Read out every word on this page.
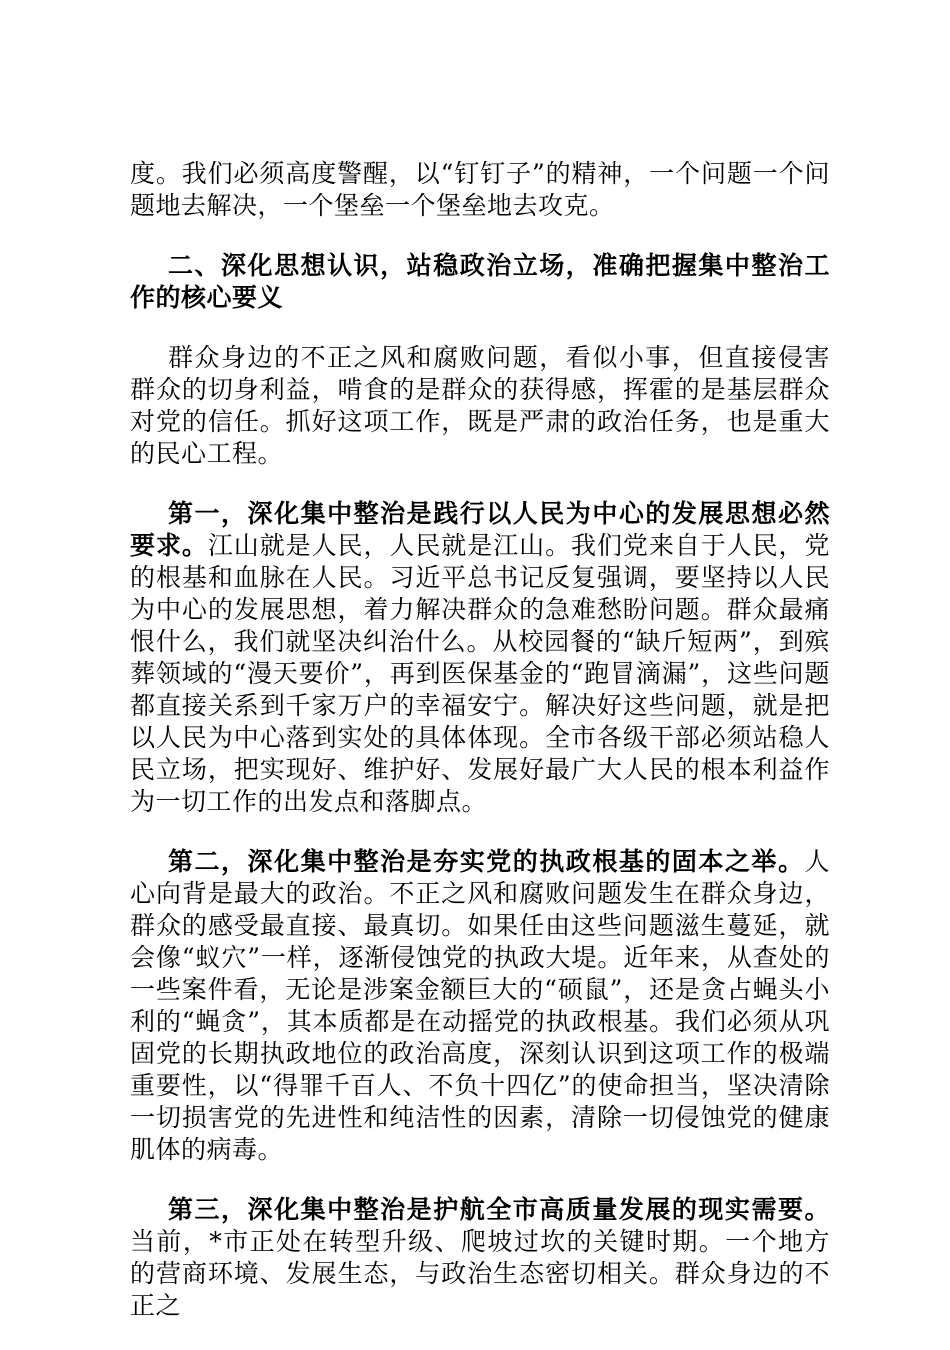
度。我们必须高度警醒，以“钉钉子”的精神，一个问题一个问题地去解决，一个堡垒一个堡垒地去攻克。

二、深化思想认识，站稳政治立场，准确把握集中整治工作的核心要义

群众身边的不正之风和腐败问题，看似小事，但直接侵害群众的切身利益，啃食的是群众的获得感，挥霍的是基层群众对党的信任。抓好这项工作，既是严肃的政治任务，也是重大的民心工程。

第一，深化集中整治是践行以人民为中心的发展思想必然要求。江山就是人民，人民就是江山。我们党来自于人民，党的根基和血脉在人民。习近平总书记反复强调，要坚持以人民为中心的发展思想，着力解决群众的急难愁盼问题。群众最痛恨什么，我们就坚决纠治什么。从校园餐的“缺斤短两”，到殡葬领域的“漫天要价”，再到医保基金的“跑冒滴漏”，这些问题都直接关系到千家万户的幸福安宁。解决好这些问题，就是把以人民为中心落到实处的具体体现。全市各级干部必须站稳人民立场，把实现好、维护好、发展好最广大人民的根本利益作为一切工作的出发点和落脚点。

第二，深化集中整治是夯实党的执政根基的固本之举。人心向背是最大的政治。不正之风和腐败问题发生在群众身边，群众的感受最直接、最真切。如果任由这些问题滋生蔓延，就会像“蚁穴”一样，逐渐侵蚀党的执政大堤。近年来，从查处的一些案件看，无论是涉案金额巨大的“硕鼠”，还是贪占蝇头小利的“蝇贪”，其本质都是在动摇党的执政根基。我们必须从巩固党的长期执政地位的政治高度，深刻认识到这项工作的极端重要性，以“得罪千百人、不负十四亿”的使命担当，坚决清除一切损害党的先进性和纯洁性的因素，清除一切侵蚀党的健康肌体的病毒。

第三，深化集中整治是护航全市高质量发展的现实需要。当前，*市正处在转型升级、爬坡过坎的关键时期。一个地方的营商环境、发展生态，与政治生态密切相关。群众身边的不正之
